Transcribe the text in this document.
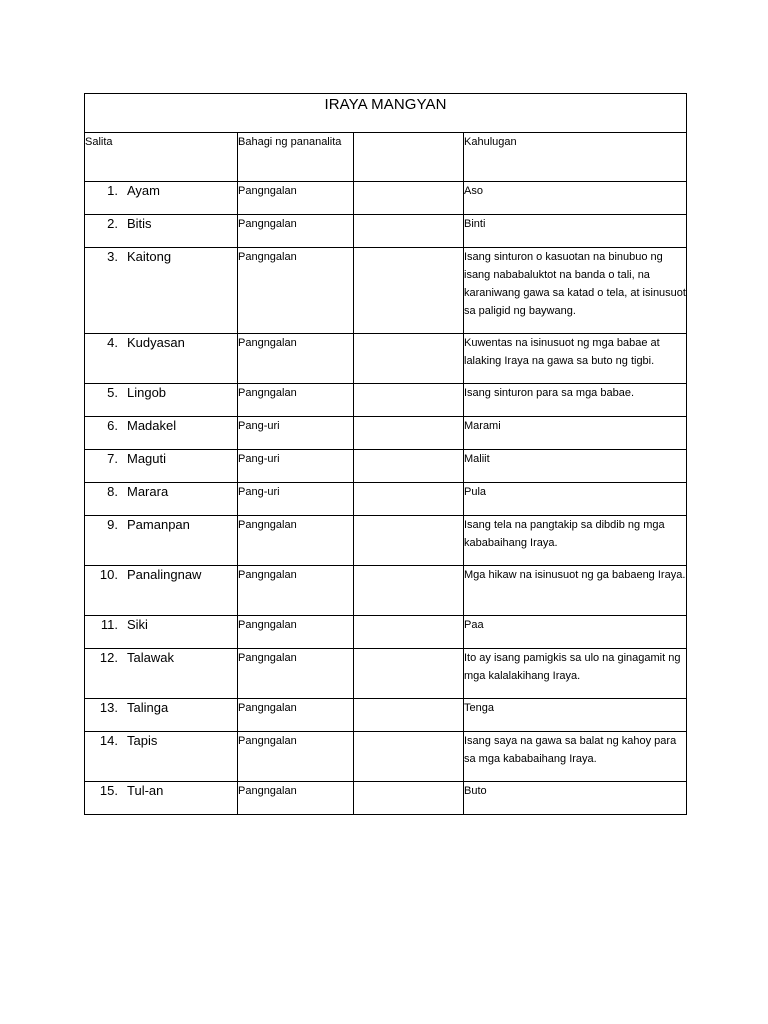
IRAYA MANGYAN			
Salita	Bahagi ng pananalita		Kahulugan

1. Ayam	Pangngalan		Aso

2. Bitis	Pangngalan		Binti

3. Kaitong	Pangngalan		Isang sinturon o kasuotan na binubuo ng isang nababaluktot na banda o tali, na karaniwang gawa sa katad o tela, at isinusuot sa paligid ng baywang.

4. Kudyasan	Pangngalan		Kuwentas na isinusuot ng mga babae at lalaking Iraya na gawa sa buto ng tigbi.

5. Lingob	Pangngalan		Isang sinturon para sa mga babae.

6. Madakel	Pang-uri		Marami

7. Maguti	Pang-uri		Maliit

8. Marara	Pang-uri		Pula

9. Pamanpan	Pangngalan		Isang tela na pangtakip sa dibdib ng mga kababaihang Iraya.

10. Panalingnaw	Pangngalan		Mga hikaw na isinusuot ng ga babaeng Iraya.

11. Siki	Pangngalan		Paa

12. Talawak	Pangngalan		Ito ay isang pamigkis sa ulo na ginagamit ng mga kalalakihang Iraya.

13. Talinga	Pangngalan		Tenga

14. Tapis	Pangngalan		Isang saya na gawa sa balat ng kahoy para sa mga kababaihang Iraya.

15. Tul-an	Pangngalan		Buto
